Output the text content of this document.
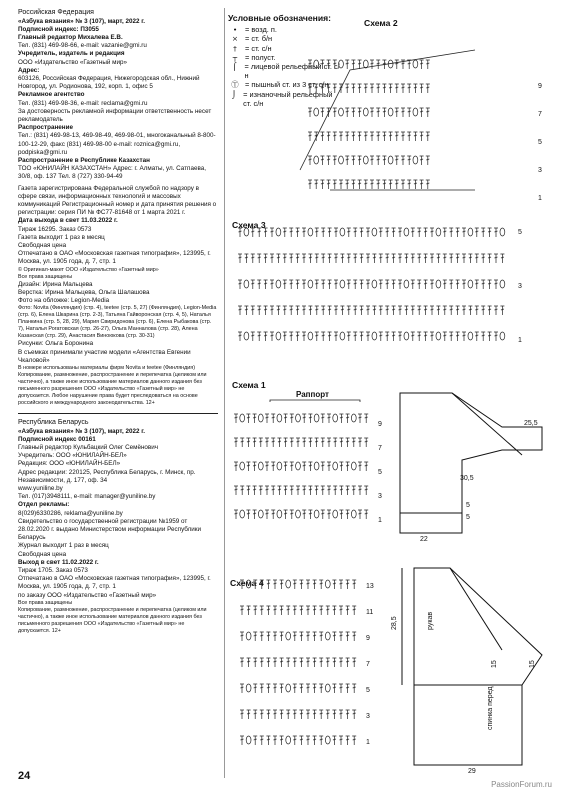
Российская Федерация

«Азбука вязания» № 3 (107), март, 2022 г.

Подписной индекс: П3055

Главный редактор Михалева Е.В.

Тел. (831) 469-98-66, e-mail: vazanie@gmi.ru

Учредитель, издатель и редакция

ООО «Издательство «Газетный мир»

Адрес:

603126, Российская Федерация, Нижегородская обл., Нижний Новгород, ул. Родионова, 192, корп. 1, офис 5

Рекламное агентство

Тел. (831) 469-98-36, e-mail: reclama@gmi.ru

За достоверность рекламной информации ответственность несет рекламодатель

Распространение

Тел.: (831) 469-98-13, 469-98-49, 469-98-01, многоканальный 8-800-100-12-29, факс (831) 469-98-00 e-mail: roznica@gmi.ru, podpiska@gmi.ru

Распространение в Республике Казахстан

ТОО «ЮНИЛАЙН КАЗАХСТАН» Адрес: г. Алматы, ул. Сатпаева, 30/8, оф. 137 Тел. 8 (727) 330-94-49

Газета зарегистрирована Федеральной службой по надзору в сфере связи, информационных технологий и массовых коммуникаций Регистрационный номер и дата принятия решения о регистрации: серия ПИ № ФС77-81648 от 1 марта 2021 г.

Дата выхода в свет 11.03.2022 г.

Тираж 16295. Заказ 0573

Газета выходит 1 раз в месяц

Свободная цена

Отпечатано в ОАО «Московская газетная типография», 123995, г. Москва, ул. 1905 года, д. 7, стр. 1

© Оригинал-макет ООО «Издательство «Газетный мир»

Все права защищены

Дизайн: Ирина Мальцева

Верстка: Ирина Мальцева, Ольга Шалашова

Фото на обложке: Legion-Media

Фото: Novita (Финляндия) (стр. 4), teetee (стр. 5, 27) (Финляндия), Legion-Media (стр. 6), Елена Шкарина (стр. 2-3), Татьяна Гайворонская (стр. 4, 5), Наталья Планкина (стр. 5, 28, 29), Мария Свиридонова (стр. 6), Елена Рыбакова (стр. 7), Наталья Рогатовская (стр. 26-27), Ольга Манналова (стр. 28), Алена Казанская (стр. 29), Анастасия Виноюкова (стр. 30-31)

Рисунки: Ольга Боронина

В съемках принимали участие модели «Агентства Евгении Чкаловой»

В номере использованы материалы фирм Novita и teetee (Финляндия)

Копирование, размножение, распространение и перепечатка (целиком или частично), а также иное использование материалов данного издания без письменного разрешения ООО «Издательство «Газетный мир» не допускается. Любое нарушение права будет преследоваться на основе российского и международного законодательства. 12+

Республика Беларусь

«Азбука вязания» № 3 (107), март, 2022 г.

Подписной индекс 00161

Главный редактор Кульбацкий Олег Семёнович

Учредитель: ООО «ЮНИЛАЙН-БЕЛ»

Редакция: ООО «ЮНИЛАЙН-БЕЛ»

Адрес редакции: 220125, Республика Беларусь, г. Минск, пр. Независимости, д. 177, оф. 34

www.yuniline.by

Тел. (017)3948111, e-mail: manager@yuniline.by

Отдел рекламы:

8(029)6330286, reklama@yuniline.by

Свидетельство о государственной регистрации №1959 от 28.02.2020 г. выдано Министерством информации Республики Беларусь

Журнал выходит 1 раз в месяц

Свободная цена

Выход в свет 11.02.2022 г.

Тираж 1705. Заказ 0573

Отпечатано в ОАО «Московская газетная типография», 123995, г. Москва, ул. 1905 года, д. 7, стр. 1

по заказу ООО «Издательство «Газетный мир»

Все права защищены

Копирование, размножение, распространение и перепечатка (целиком или частично), а также иное использование материалов данного издания без письменного разрешения ООО «Издательство «Газетный мир» не допускается. 12+

Условные обозначения:
•	= возд. п.
× = ст. б/н
†	= ст. с/н
┬	= полуст.
⌠	= лицевой рельефный ст. с/н
Ⓣ = пышный ст. из 3 ст. с/н
⌡ = изнаночный рельефный ст. с/н
Схема 2
9
7
5
3
1
Схема 3
5
3
1
Схема 1
Раппорт
9
7
5
3
1
Схема 4	13
11
9
7
5
3
1
25,5
30,5
5
22
5
28,5
15	15
29
рукав
спинка перед
24
PassionForum.ru
